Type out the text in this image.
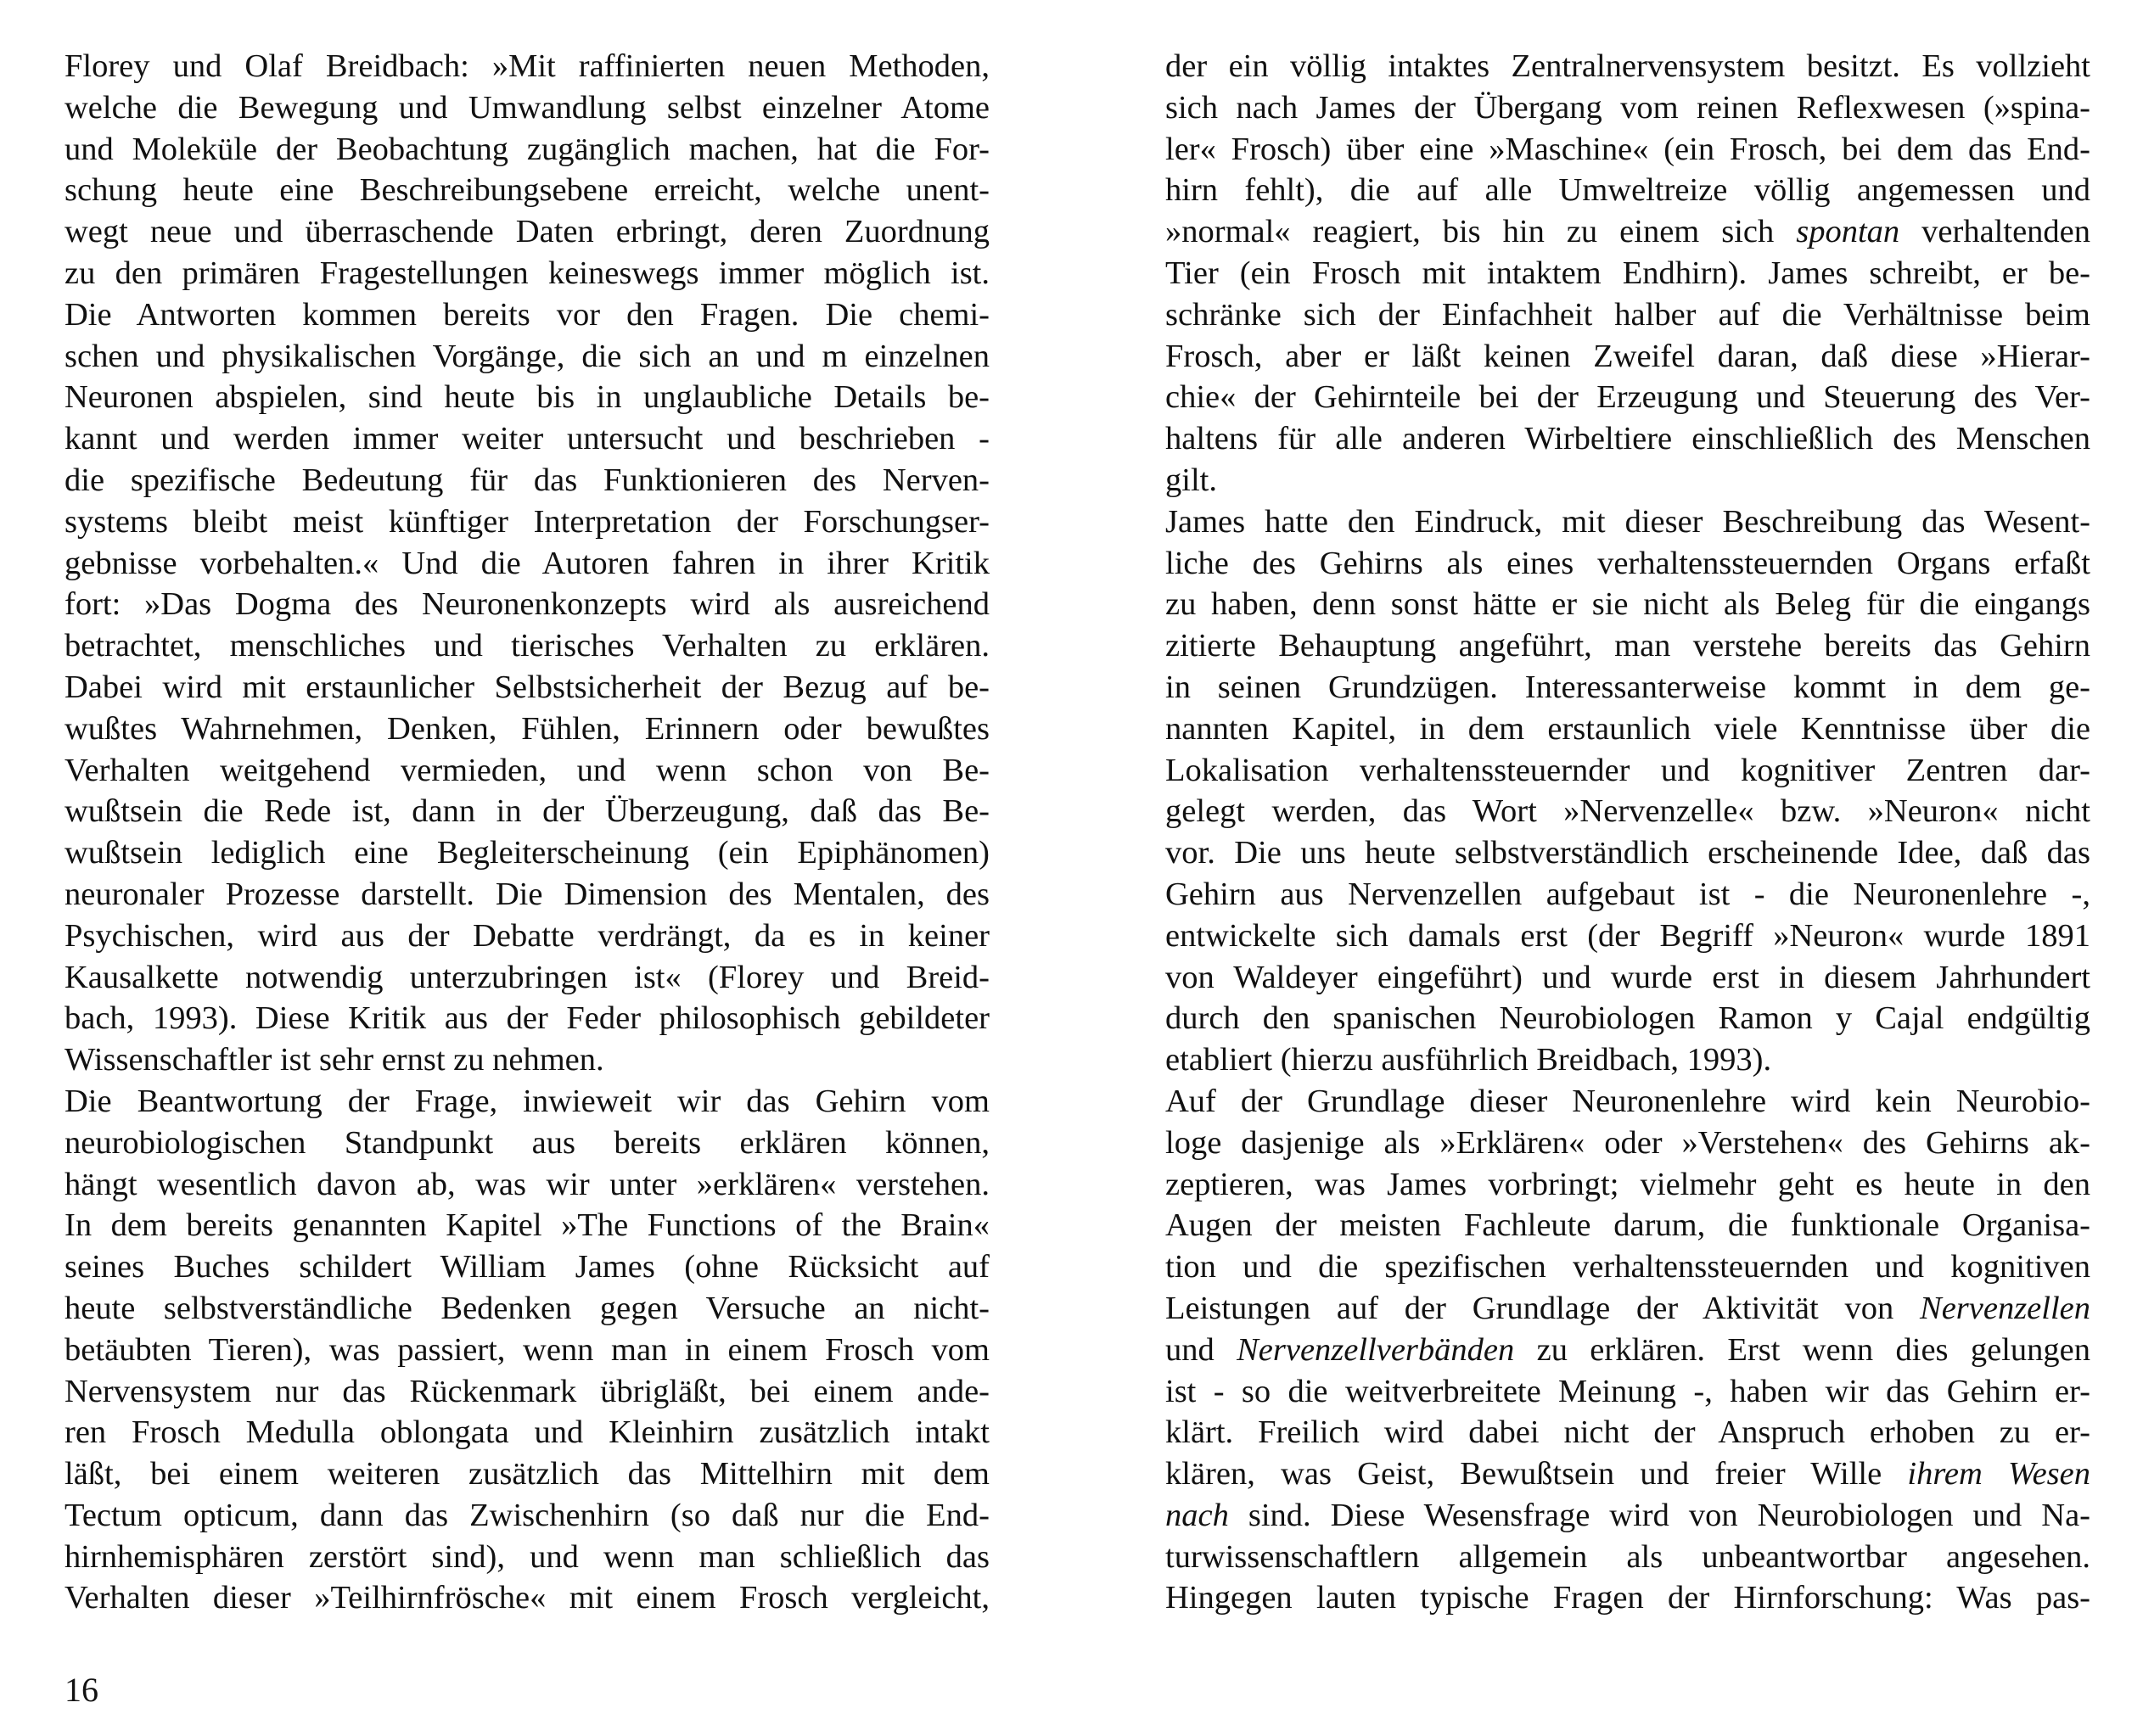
Florey und Olaf Breidbach: »Mit raffinierten neuen Methoden,
welche die Bewegung und Umwandlung selbst einzelner Atome
und Moleküle der Beobachtung zugänglich machen, hat die For-
schung heute eine Beschreibungsebene erreicht, welche unent-
wegt neue und überraschende Daten erbringt, deren Zuordnung
zu den primären Fragestellungen keineswegs immer möglich ist.
Die Antworten kommen bereits vor den Fragen. Die chemi-
schen und physikalischen Vorgänge, die sich an und m einzelnen
Neuronen abspielen, sind heute bis in unglaubliche Details be-
kannt und werden immer weiter untersucht und beschrieben -
die spezifische Bedeutung für das Funktionieren des Nerven-
systems bleibt meist künftiger Interpretation der Forschungser-
gebnisse vorbehalten.« Und die Autoren fahren in ihrer Kritik
fort: »Das Dogma des Neuronenkonzepts wird als ausreichend
betrachtet, menschliches und tierisches Verhalten zu erklären.
Dabei wird mit erstaunlicher Selbstsicherheit der Bezug auf be-
wußtes Wahrnehmen, Denken, Fühlen, Erinnern oder bewußtes
Verhalten weitgehend vermieden, und wenn schon von Be-
wußtsein die Rede ist, dann in der Überzeugung, daß das Be-
wußtsein lediglich eine Begleiterscheinung (ein Epiphänomen)
neuronaler Prozesse darstellt. Die Dimension des Mentalen, des
Psychischen, wird aus der Debatte verdrängt, da es in keiner
Kausalkette notwendig unterzubringen ist« (Florey und Breid-
bach, 1993). Diese Kritik aus der Feder philosophisch gebildeter
Wissenschaftler ist sehr ernst zu nehmen.
Die Beantwortung der Frage, inwieweit wir das Gehirn vom
neurobiologischen Standpunkt aus bereits erklären können,
hängt wesentlich davon ab, was wir unter »erklären« verstehen.
In dem bereits genannten Kapitel »The Functions of the Brain«
seines Buches schildert William James (ohne Rücksicht auf
heute selbstverständliche Bedenken gegen Versuche an nicht-
betäubten Tieren), was passiert, wenn man in einem Frosch vom
Nervensystem nur das Rückenmark übrigläßt, bei einem ande-
ren Frosch Medulla oblongata und Kleinhirn zusätzlich intakt
läßt, bei einem weiteren zusätzlich das Mittelhirn mit dem
Tectum opticum, dann das Zwischenhirn (so daß nur die End-
hirnhemisphären zerstört sind), und wenn man schließlich das
Verhalten dieser »Teilhirnfrösche« mit einem Frosch vergleicht,
der ein völlig intaktes Zentralnervensystem besitzt. Es vollzieht
sich nach James der Übergang vom reinen Reflexwesen (»spina-
ler« Frosch) über eine »Maschine« (ein Frosch, bei dem das End-
hirn fehlt), die auf alle Umweltreize völlig angemessen und
»normal« reagiert, bis hin zu einem sich spontan verhaltenden
Tier (ein Frosch mit intaktem Endhirn). James schreibt, er be-
schränke sich der Einfachheit halber auf die Verhältnisse beim
Frosch, aber er läßt keinen Zweifel daran, daß diese »Hierar-
chie« der Gehirnteile bei der Erzeugung und Steuerung des Ver-
haltens für alle anderen Wirbeltiere einschließlich des Menschen
gilt.
James hatte den Eindruck, mit dieser Beschreibung das Wesent-
liche des Gehirns als eines verhaltenssteuernden Organs erfaßt
zu haben, denn sonst hätte er sie nicht als Beleg für die eingangs
zitierte Behauptung angeführt, man verstehe bereits das Gehirn
in seinen Grundzügen. Interessanterweise kommt in dem ge-
nannten Kapitel, in dem erstaunlich viele Kenntnisse über die
Lokalisation verhaltenssteuernder und kognitiver Zentren dar-
gelegt werden, das Wort »Nervenzelle« bzw. »Neuron« nicht
vor. Die uns heute selbstverständlich erscheinende Idee, daß das
Gehirn aus Nervenzellen aufgebaut ist - die Neuronenlehre -,
entwickelte sich damals erst (der Begriff »Neuron« wurde 1891
von Waldeyer eingeführt) und wurde erst in diesem Jahrhundert
durch den spanischen Neurobiologen Ramon y Cajal endgültig
etabliert (hierzu ausführlich Breidbach, 1993).
Auf der Grundlage dieser Neuronenlehre wird kein Neurobio-
loge dasjenige als »Erklären« oder »Verstehen« des Gehirns ak-
zeptieren, was James vorbringt; vielmehr geht es heute in den
Augen der meisten Fachleute darum, die funktionale Organisa-
tion und die spezifischen verhaltenssteuernden und kognitiven
Leistungen auf der Grundlage der Aktivität von Nervenzellen
und Nervenzellverbänden zu erklären. Erst wenn dies gelungen
ist - so die weitverbreitete Meinung -, haben wir das Gehirn er-
klärt. Freilich wird dabei nicht der Anspruch erhoben zu er-
klären, was Geist, Bewußtsein und freier Wille ihrem Wesen
nach sind. Diese Wesensfrage wird von Neurobiologen und Na-
turwissenschaftlern allgemein als unbeantwortbar angesehen.
Hingegen lauten typische Fragen der Hirnforschung: Was pas-
16
